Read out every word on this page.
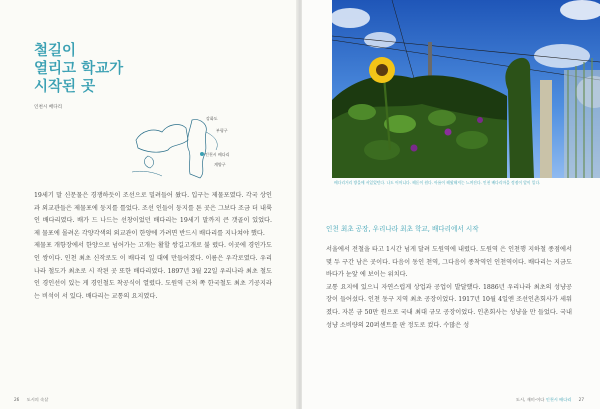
철길이
열리고 학교가
시작된 곳
인천시 배다리
강화도
부평구
인천시 배다리
계양구

19세기 말 신문물은 경쟁하듯이 조선으로 밀려들어 왔다. 입구는 제물포였다. 각국 상인과 외교관들은 제물포에 둥지를 틀었다. 조선 인들이 둥지를 튼 곳은 그보다 조금 더 내륙인 배다리였다. 배가 드 나드는 선창이었던 배다리는 19세기 말까지 큰 갯골이 있었다. 제 물포에 몰려온 각양각색의 외교관이 한양에 가려면 반드시 배다리를 지나쳐야 했다.

제물포 개항장에서 한양으로 넘어가는 고개는 활할 쌍길고개로 불 렸다. 이곳에 경인가도인 쌍이다. 인천 최초 신작로도 이 배다리 일 대에 만들어졌다. 이름은 우각로였다. 우리나라 철도가 최초로 시 작된 곳 또한 배다리였다. 1897년 3월 22일 우리나라 최초 철도인 경인선이 있는 게 경인철도 착공식이 열렸다. 도원역 근처 쪽 한국철도 최초 기공지라는 비석이 서 있다. 배다리는 교통의 요지였다.

26 도시의 속살
배다리거리 방을에 서있었던다. 나도 어머니다. 해돋이 원다. 아름이 해왔해져는 느껴진다. 인천 배다리마을 정점이 앞이 일다.
인천 최초 공장, 우리나라 최초 학교, 배다리에서 시작

서울에서 전철을 타고 1시간 넘게 달려 도원역에 내렸다. 도원역 은 인천행 지하철 종점에서 몇 두 구간 남은 곳이다. 다음이 동인 천역, 그다음이 종착역인 인천역이다. 배다리는 지금도 바다가 눈앞 에 보이는 위치다.

교통 요지에 있으니 자연스럽게 상업과 공업이 발달했다. 1886년 우리나라 최초의 성냥공장이 들어섰다. 인천 동구 지역 최초 공장이었다. 1917년 10월 4일엔 조선인촌회사가 세워졌다. 자본 금 50만 원으로 국내 최대 규모 공장이었다. 인촌회사는 성냥을 만 들었다. 국내 성냥 소비량의 20퍼센트를 판 정도로 컸다. 수많은 성

도시, 재미-이다 인천시 배다리 27
